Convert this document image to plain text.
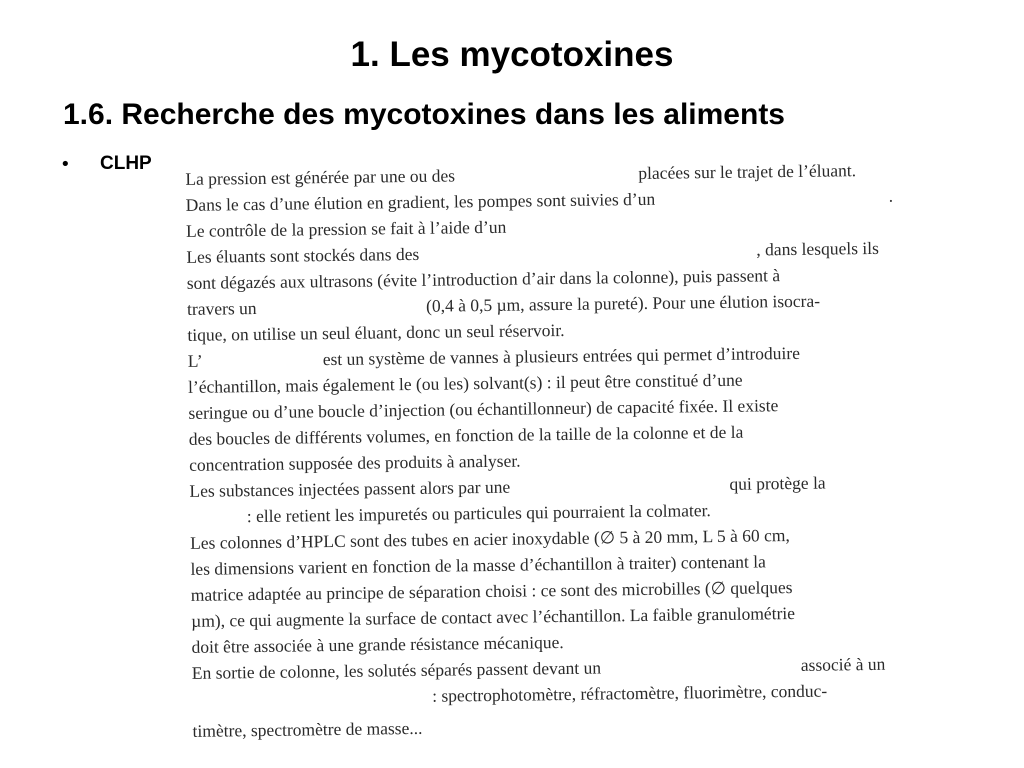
1. Les mycotoxines
1.6. Recherche des mycotoxines dans les aliments
•	CLHP
La pression est générée par une ou des	placées sur le trajet de l’éluant.
Dans le cas d’une élution en gradient, les pompes sont suivies d’un	.
Le contrôle de la pression se fait à l’aide d’un
Les éluants sont stockés dans des	, dans lesquels ils
sont dégazés aux ultrasons (évite l’introduction d’air dans la colonne), puis passent à
travers un	(0,4 à 0,5 µm, assure la pureté). Pour une élution isocra-
tique, on utilise un seul éluant, donc un seul réservoir.
L’	est un système de vannes à plusieurs entrées qui permet d’introduire
l’échantillon, mais également le (ou les) solvant(s) : il peut être constitué d’une
seringue ou d’une boucle d’injection (ou échantillonneur) de capacité fixée. Il existe
des boucles de différents volumes, en fonction de la taille de la colonne et de la
concentration supposée des produits à analyser.
Les substances injectées passent alors par une	qui protège la
: elle retient les impuretés ou particules qui pourraient la colmater.
Les colonnes d’HPLC sont des tubes en acier inoxydable (∅ 5 à 20 mm, L 5 à 60 cm,
les dimensions varient en fonction de la masse d’échantillon à traiter) contenant la
matrice adaptée au principe de séparation choisi : ce sont des microbilles (∅ quelques
µm), ce qui augmente la surface de contact avec l’échantillon. La faible granulométrie
doit être associée à une grande résistance mécanique.
En sortie de colonne, les solutés séparés passent devant un	associé à un
: spectrophotomètre, réfractomètre, fluorimètre, conduc-
timètre, spectromètre de masse...
